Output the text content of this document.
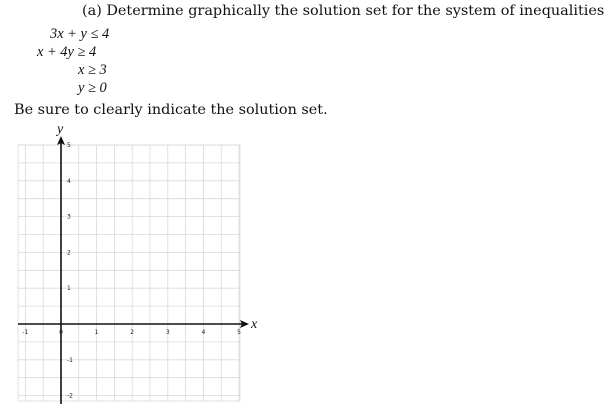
(a) Determine graphically the solution set for the system of inequalities
3x + y ≤ 4
x + 4y ≥ 4
x ≥ 3
y ≥ 0
Be sure to clearly indicate the solution set.
-1	0	1	2	3	4	5
-2
-1
1
2
3
4
5
x
y
